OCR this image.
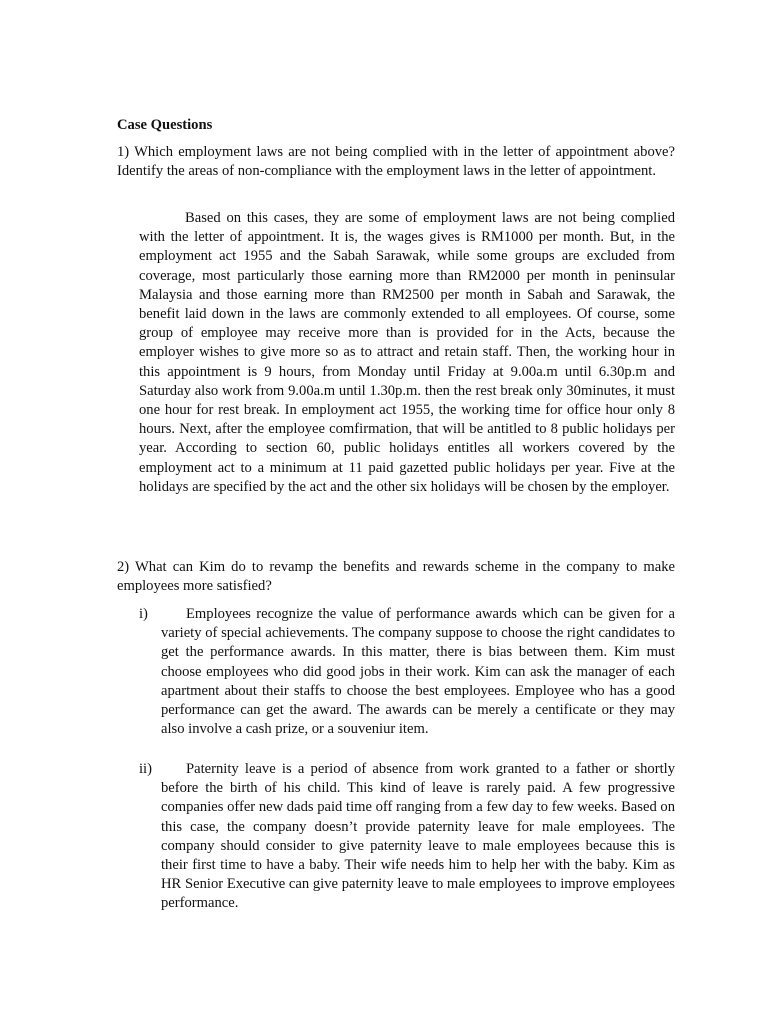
Case Questions

1) Which employment laws are not being complied with in the letter of appointment above? Identify the areas of non-compliance with the employment laws in the letter of appointment.

Based on this cases, they are some of employment laws are not being complied with the letter of appointment. It is, the wages gives is RM1000 per month. But, in the employment act 1955 and the Sabah Sarawak, while some groups are excluded from coverage, most particularly those earning more than RM2000 per month in peninsular Malaysia and those earning more than RM2500 per month in Sabah and Sarawak, the benefit laid down in the laws are commonly extended to all employees. Of course, some group of employee may receive more than is provided for in the Acts, because the employer wishes to give more so as to attract and retain staff. Then, the working hour in this appointment is 9 hours, from Monday until Friday at 9.00a.m until 6.30p.m and Saturday also work from 9.00a.m until 1.30p.m. then the rest break only 30minutes, it must one hour for rest break. In employment act 1955, the working time for office hour only 8 hours. Next, after the employee comfirmation, that will be antitled to 8 public holidays per year. According to section 60, public holidays entitles all workers covered by the employment act to a minimum at 11 paid gazetted public holidays per year. Five at the holidays are specified by the act and the other six holidays will be chosen by the employer.

2) What can Kim do to revamp the benefits and rewards scheme in the company to make employees more satisfied?

i)	Employees recognize the value of performance awards which can be given for a variety of special achievements. The company suppose to choose the right candidates to get the performance awards. In this matter, there is bias between them. Kim must choose employees who did good jobs in their work. Kim can ask the manager of each apartment about their staffs to choose the best employees. Employee who has a good performance can get the award. The awards can be merely a centificate or they may also involve a cash prize, or a souveniur item.

ii)	Paternity leave is a period of absence from work granted to a father or shortly before the birth of his child. This kind of leave is rarely paid. A few progressive companies offer new dads paid time off ranging from a few day to few weeks. Based on this case, the company doesn’t provide paternity leave for male employees. The company should consider to give paternity leave to male employees because this is their first time to have a baby. Their wife needs him to help her with the baby. Kim as HR Senior Executive can give paternity leave to male employees to improve employees performance.
